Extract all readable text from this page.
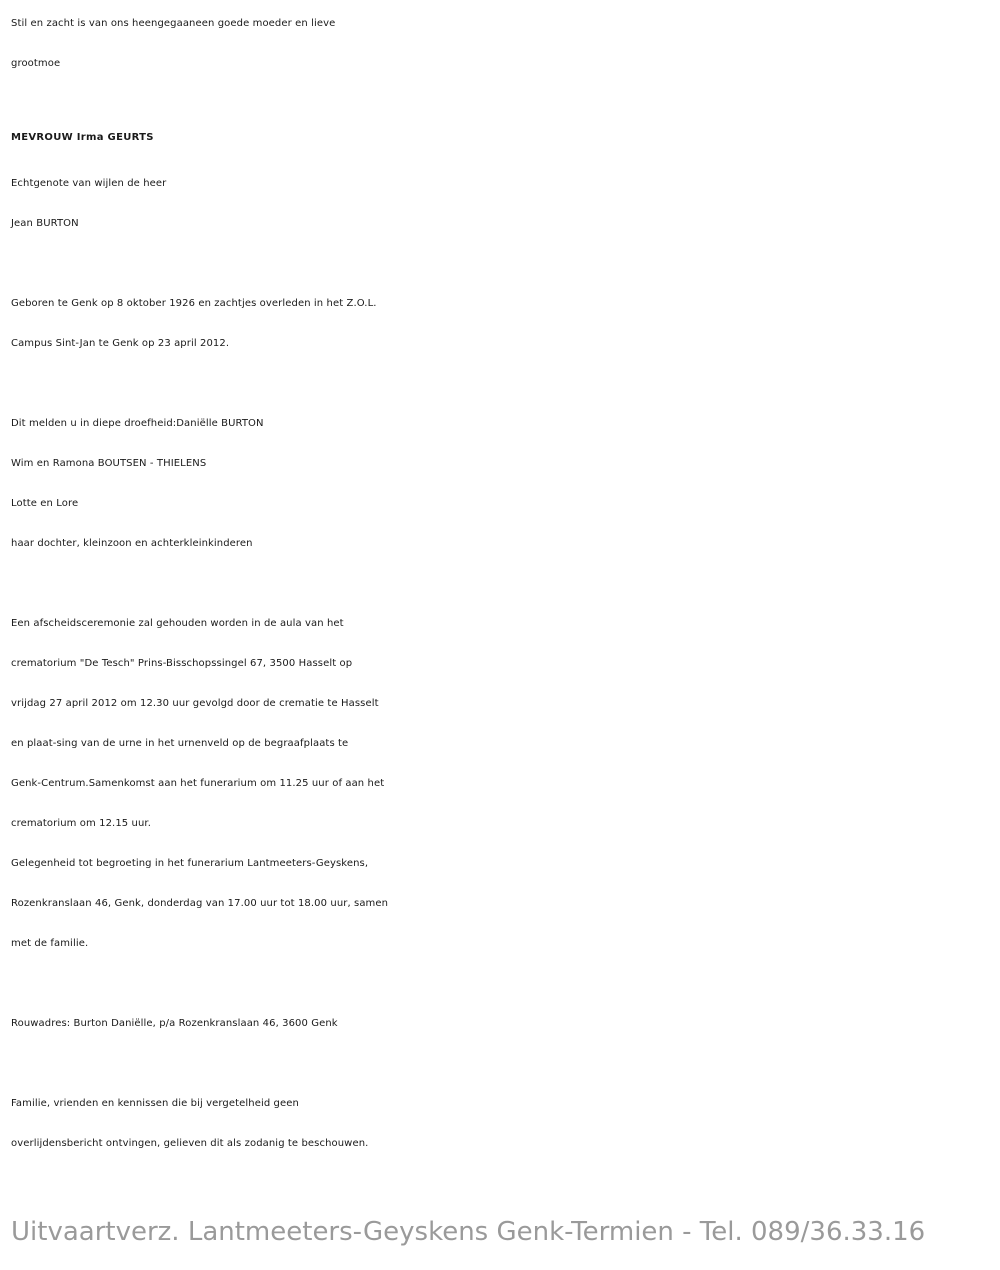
Stil en zacht is van ons heengegaaneen goede moeder en lieve
grootmoe
MEVROUW Irma GEURTS
Echtgenote van wijlen de heer
Jean BURTON
Geboren te Genk op 8 oktober 1926 en zachtjes overleden in het Z.O.L.
Campus Sint-Jan te Genk op 23 april 2012.
Dit melden u in diepe droefheid:Daniëlle BURTON
Wim en Ramona BOUTSEN - THIELENS
Lotte en Lore
haar dochter, kleinzoon en achterkleinkinderen
Een afscheidsceremonie zal gehouden worden in de aula van het
crematorium "De Tesch" Prins-Bisschopssingel 67, 3500 Hasselt op
vrijdag 27 april 2012 om 12.30 uur gevolgd door de crematie te Hasselt
en plaat-sing van de urne in het urnenveld op de begraafplaats te
Genk-Centrum.Samenkomst aan het funerarium om 11.25 uur of aan het
crematorium om 12.15 uur.
Gelegenheid tot begroeting in het funerarium Lantmeeters-Geyskens,
Rozenkranslaan 46, Genk, donderdag van 17.00 uur tot 18.00 uur, samen
met de familie.
Rouwadres: Burton Daniëlle, p/a Rozenkranslaan 46, 3600 Genk
Familie, vrienden en kennissen die bij vergetelheid geen
overlijdensbericht ontvingen, gelieven dit als zodanig te beschouwen.
Uitvaartverz. Lantmeeters-Geyskens Genk-Termien - Tel. 089/36.33.16
